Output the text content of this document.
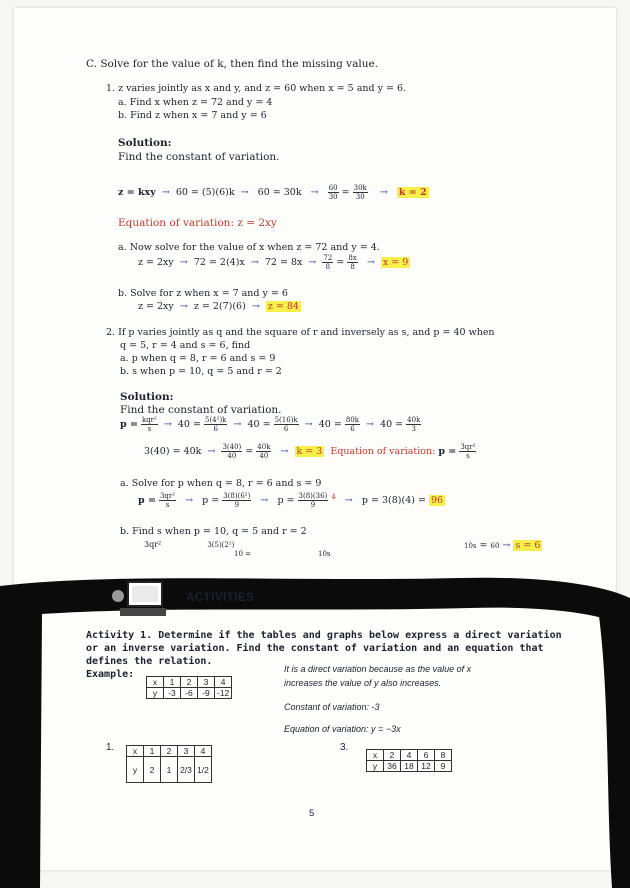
C. Solve for the value of k, then find the missing value.
1. z varies jointly as x and y, and z = 60 when x = 5 and y = 6.
a. Find x when z = 72 and y = 4
b. Find z when x = 7 and y = 6
Solution:
Find the constant of variation.
z = kxy  →  $60 = (5)(6)k \to 60 = 30k \to \frac{60}{30} = \frac{30k}{30} \to k = 2$
Equation of variation: z = 2xy
a. Now solve for the value of x when z = 72 and y = 4.
$z = 2xy \to 72 = 2(4)x \to 72 = 8x \to \frac{72}{8} = \frac{8x}{8} \to x = 9$
b. Solve for z when x = 7 and y = 6
z = 2xy  →  z = 2(7)(6)  →  z = 84
2. If p varies jointly as q and the square of r and inversely as s, and p = 40 when
q = 5, r = 4 and s = 6, find
a. p when q = 8, r = 6 and s = 9
b. s when p = 10, q = 5 and r = 2
Solution:
Find the constant of variation.
$p = \frac{\text{kqr²}}{s} \to 40 = \frac{\text{5(4²)k}}{6} \to 40 = \frac{5(16)k}{6} \to 40 = \frac{80k}{6} \to 40 = \frac{40k}{3}$
$3(40) = 40k \to \frac{3(40)}{40} = \frac{40k}{40} \to k = 3$ Equation of variation: $p = \frac{\text{3qr²}}{s}$
a. Solve for p when q = 8, r = 6 and s = 9
$p = \frac{\text{3qr²}}{s} \to p = \frac{\text{3(8)(6²)}}{9} \to p = \frac{3(8)(36)}{9} ^4 \to p = 3(8)(4) = 96$
b. Find s when p = 10, q = 5 and r = 2
3qr²	3(5)(2²)
10 =	10s
10s = 60 → s = 6
ACTIVITIES
Activity 1. Determine if the tables and graphs below express a direct variation
or an inverse variation. Find the constant of variation and an equation that
defines the relation.
Example:
x	1	2	3	4
y	-3	-6	-9	-12
It is a direct variation because as the value of x
increases the value of y also increases.
Constant of variation: -3
Equation of variation: y = −3x
1. x	1	2	3	4
y	2	1	2/3	1/2
3.
x	2	4	6	8
y	36	18	12	9
5
